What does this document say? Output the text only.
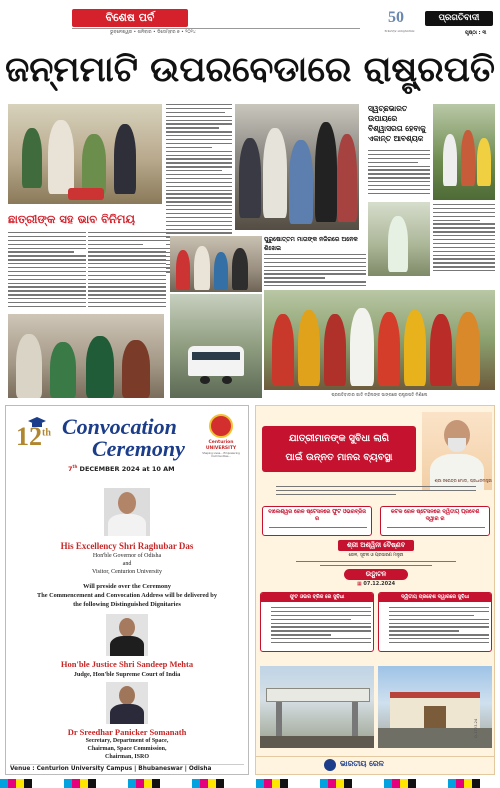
ବିଶେଷ ପର୍ବ
ଭୁବନେଶ୍ୱର • ଶନିବାର • ଡିସେମ୍ବର ୭ • ୨୦୨୪
50
ଏମାନଙ୍କ ଯାତ୍ରାପଥରେ
ପ୍ରଗତିବାଦୀ
ପୃଷ୍ଠା : ୩
ଜନ୍ମମାଟି ଉପରବେଡାରେ ରାଷ୍ଟ୍ରପତି
ସ୍ୱଚ୍ଛଭାରତ ଉପାୟରେ ବିଶ୍ୱାସରତା ହେବାକୁ ଏକାନ୍ତ ଆବଶ୍ୟକ
ଛାତ୍ରୀଙ୍କ ସହ ଭାବ ବିନିମୟ
ପୁରୁଷୋତ୍ତମ ମାତାଙ୍କ ନଜିରରେ ଅନେକ ଶିଖେଇ
ପ୍ରଗତିବାଦୀର ଗୀତି ମହିଳାଙ୍କ ସାଙ୍ଗରେ ରାଷ୍ଟ୍ରପତି ମିଶିଲେ
12th Convocation
Ceremony
7th DECEMBER 2024 at 10 AM
Centurion UNIVERSITY
Shaping Lives... Empowering Communities...
His Excellency Shri Raghubar Das
Hon'ble Governor of Odisha
and
Visitor, Centurion University
Will preside over the Ceremony
The Commencement and Convocation Address will be delivered by
the following Distinguished Dignitaries
Hon'ble Justice Shri Sandeep Mehta
Judge, Hon'ble Supreme Court of India
Dr Sreedhar Panicker Somanath
Secretary, Department of Space,
Chairman, Space Commission,
Chairman, ISRO
Venue : Centurion University Campus | Bhubaneswar | Odisha
ଯାତ୍ରୀମାନଙ୍କ ସୁବିଧା ଲାଗି
ପାଇଁ ଉନ୍ନତ ମାନର ବ୍ୟବସ୍ଥା
ଶ୍ରୀ ନରେନ୍ଦ୍ର ମୋଦୀ, ପ୍ରଧାନମନ୍ତ୍ରୀ
ବାଲେଶ୍ୱର ରେଳ ଷ୍ଟେସନରେ ଫୁଟ ଓଭରବ୍ରିଜ ର
କଟକ ରେଳ ଷ୍ଟେସନରେ ଦ୍ୱିତୀୟ ପ୍ରବେଶ ଦ୍ୱାର ର
ଶ୍ରୀ ଅଶ୍ୱିନୀ ବୈଷ୍ଣବ
ରେଳ, ସୂଚନା ଓ ପ୍ରସାରଣ ମନ୍ତ୍ରୀ
ଉଦ୍ଘାଟନ
▦ 07.12.2024
ଫୁଟ ଓଭର ବ୍ରିଜ ରେ ସୁବିଧା	ଦ୍ୱିତୀୟ ପ୍ରବେଶ ଦ୍ୱାରରେ ସୁବିଧା
ଭାରତୀୟ ରେଳ
Q-1723-24
